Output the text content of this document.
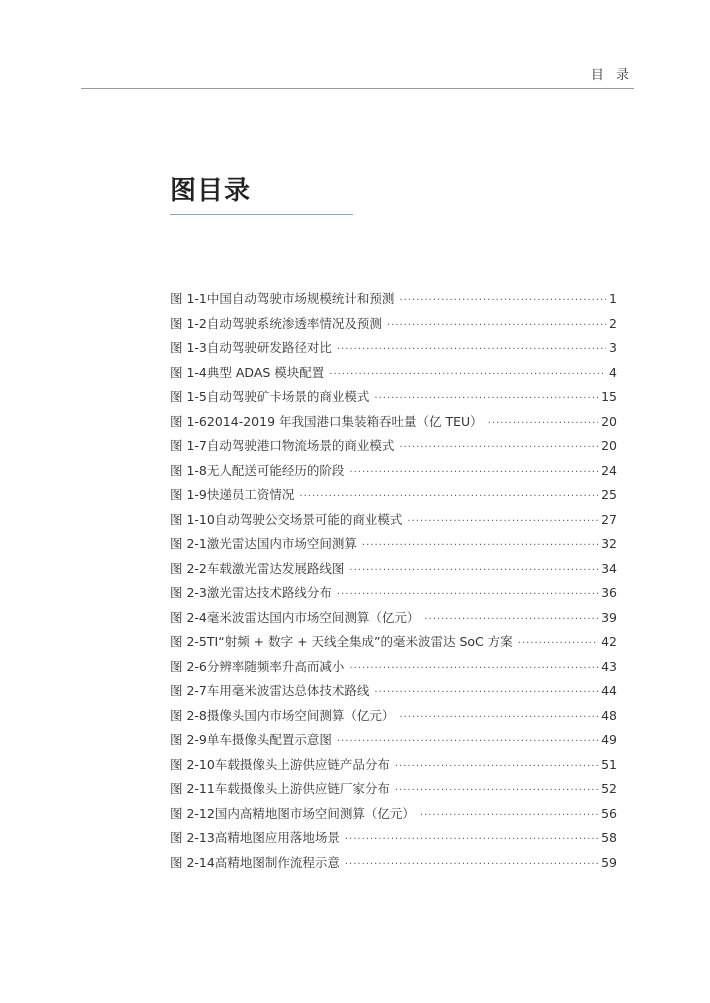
目 录
图目录
图 1-1 中国自动驾驶市场规模统计和预测 ·····	1
图 1-2 自动驾驶系统渗透率情况及预测 ·····	2
图 1-3 自动驾驶研发路径对比 ·····	3
图 1-4 典型 ADAS 模块配置 ·····	4
图 1-5 自动驾驶矿卡场景的商业模式 ·····	15
图 1-6 2014-2019 年我国港口集装箱吞吐量（亿 TEU） ·····	20
图 1-7 自动驾驶港口物流场景的商业模式 ·····	20
图 1-8 无人配送可能经历的阶段 ·····	24
图 1-9 快递员工资情况 ·····	25
图 1-10 自动驾驶公交场景可能的商业模式 ·····	27
图 2-1 激光雷达国内市场空间测算 ·····	32
图 2-2 车载激光雷达发展路线图 ·····	34
图 2-3 激光雷达技术路线分布 ·····	36
图 2-4 毫米波雷达国内市场空间测算（亿元） ·····	39
图 2-5 TI“射频 + 数字 + 天线全集成”的毫米波雷达 SoC 方案 ·····	42
图 2-6 分辨率随频率升高而减小 ·····	43
图 2-7 车用毫米波雷达总体技术路线 ·····	44
图 2-8 摄像头国内市场空间测算（亿元） ·····	48
图 2-9 单车摄像头配置示意图 ·····	49
图 2-10 车载摄像头上游供应链产品分布 ·····	51
图 2-11 车载摄像头上游供应链厂家分布 ·····	52
图 2-12 国内高精地图市场空间测算（亿元） ·····	56
图 2-13 高精地图应用落地场景 ·····	58
图 2-14 高精地图制作流程示意 ·····	59
